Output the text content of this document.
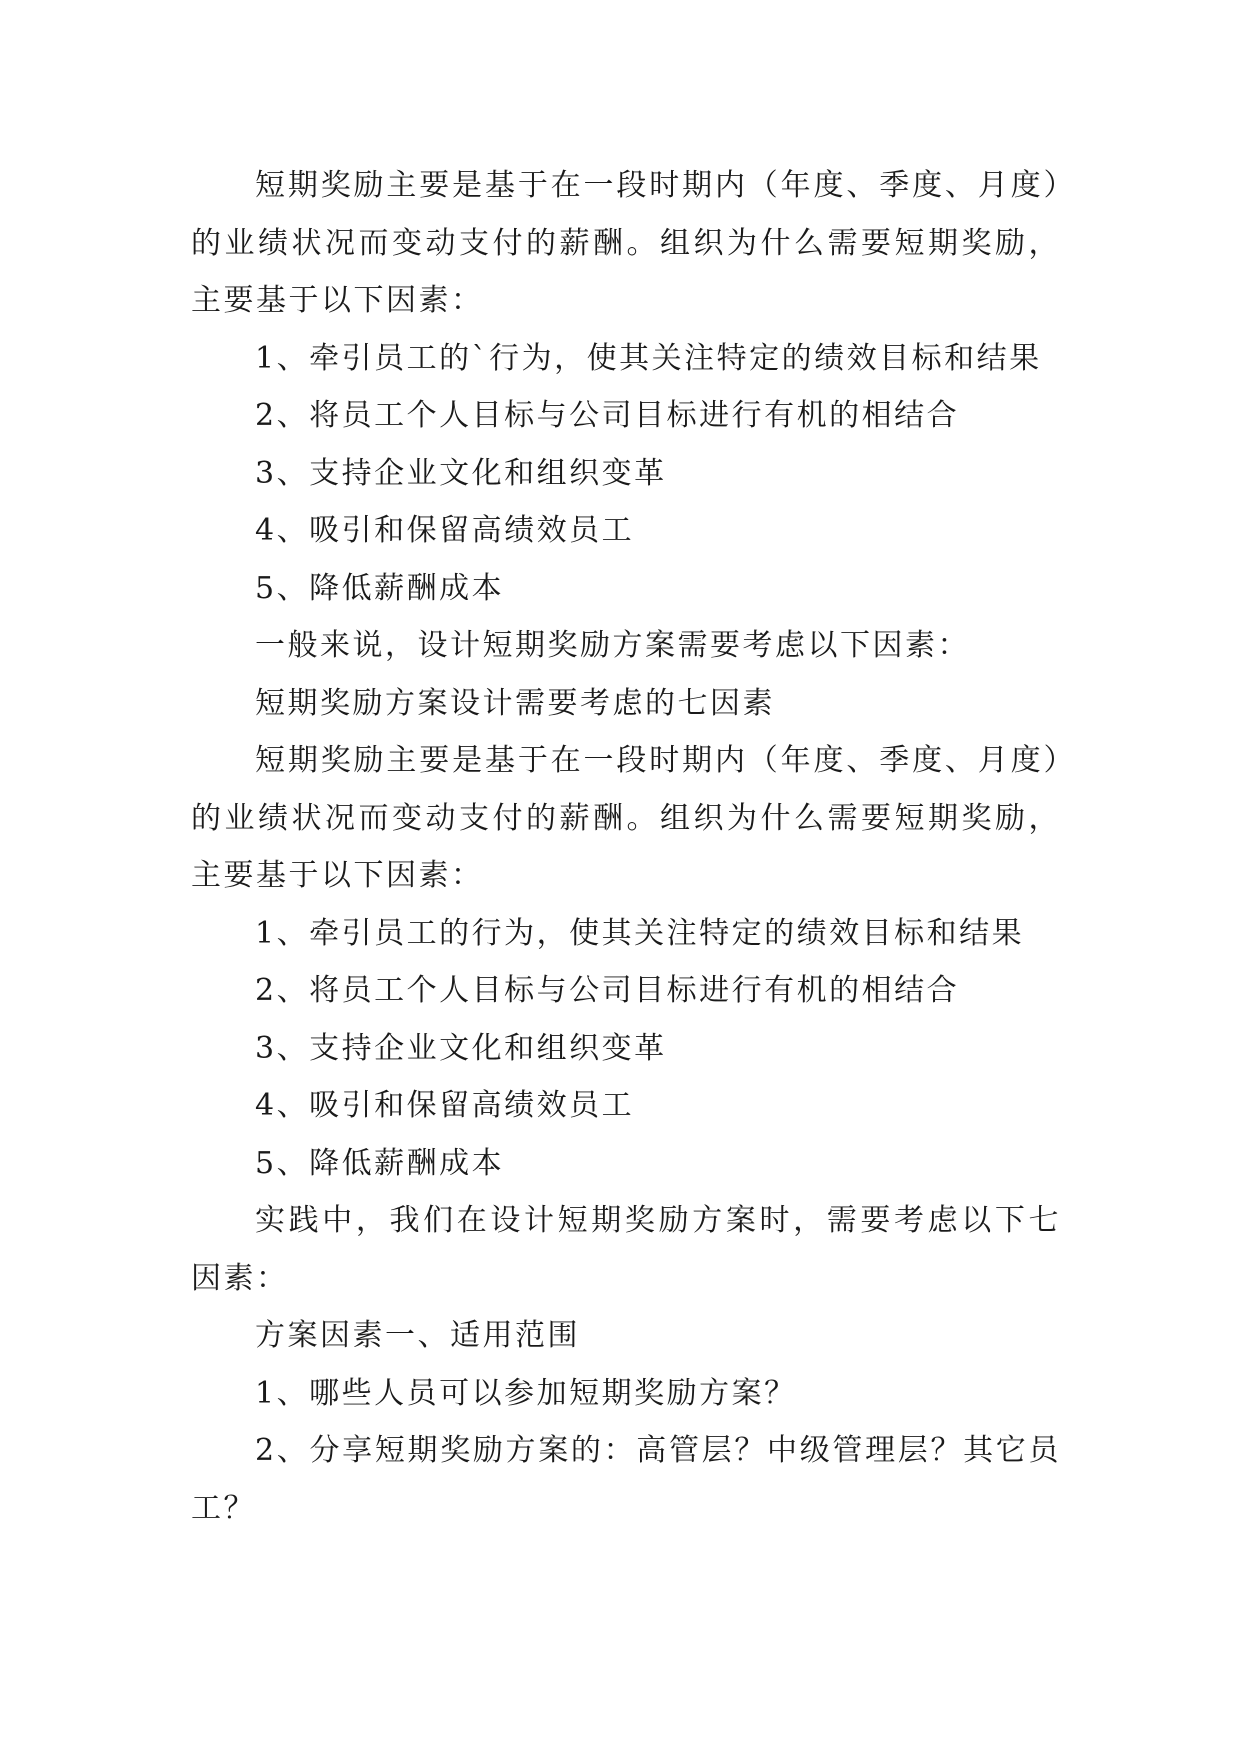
短期奖励主要是基于在一段时期内（年度、季度、月度）的业绩状况而变动支付的薪酬。组织为什么需要短期奖励，主要基于以下因素：

1、牵引员工的`行为，使其关注特定的绩效目标和结果

2、将员工个人目标与公司目标进行有机的相结合

3、支持企业文化和组织变革

4、吸引和保留高绩效员工

5、降低薪酬成本

一般来说，设计短期奖励方案需要考虑以下因素：

短期奖励方案设计需要考虑的七因素

短期奖励主要是基于在一段时期内（年度、季度、月度）的业绩状况而变动支付的薪酬。组织为什么需要短期奖励，主要基于以下因素：

1、牵引员工的行为，使其关注特定的绩效目标和结果

2、将员工个人目标与公司目标进行有机的相结合

3、支持企业文化和组织变革

4、吸引和保留高绩效员工

5、降低薪酬成本

实践中，我们在设计短期奖励方案时，需要考虑以下七因素：

方案因素一、适用范围

1、哪些人员可以参加短期奖励方案？

2、分享短期奖励方案的：高管层？中级管理层？其它员工？
